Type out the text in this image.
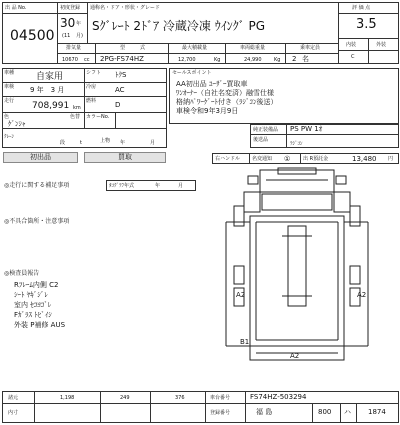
出 品 No.
04500
初度登録
30 年
(11 月)
通称名・ドア・形状・グレード
Sｸﾞﾚｰﾄ 2ﾄﾞｱ 冷蔵冷凍 ｳｲﾝｸﾞ PG
排気量
10670 cc
型　　　式
2PG-FS74HZ
最大積載量
12,700	Kg
車両総重量
24,990	Kg
乗車定員
2 名
評 価 点
3.5
内装	外装
C
車種 自家用	シフト ﾄｸS
車検 9 年　3 月	冷房	AC
走行 708,991 km
燃料	D
色
ｹﾞﾝｼｬ
色替 カラーNo.
ｸﾚｰﾝ
段	t	上物 年	月
セールスポイント
AA初出品 ﾕｰｻﾞｰ買取車
ﾜﾝｵｰﾅｰ（自社名変済）融雪仕様
格納ﾊﾟﾜｰｹﾞｰﾄ付き（ﾗｼﾞｺﾝ後送）
車検令和9年3月9日
純正装備品 PS PW 1ｵ
後送品
ﾗｼﾞｺﾝ
初出品	買取	右ハンドル 名変通知 ①	出 R預託金	13,480 円
◎走行に関する補足事項	ﾀｺｸﾞﾗﾌ年式	年	月
◎不具合箇所・注意事項
◎検査員報告
Rﾌﾚｰﾑ内側 C2
ｼｰﾄ ﾔｷﾞｼﾞﾚ
室内 ｾｺﾖｺﾞﾚ
Fｶﾞﾗｽ ﾄﾋﾞｲｼ
外装 P補修 AUS
A2	A2
B1
A2
諸元	1,198	249	376	車台番号	FS74HZ-503294
内寸	登録番号	福 島	800 ハ 1874
